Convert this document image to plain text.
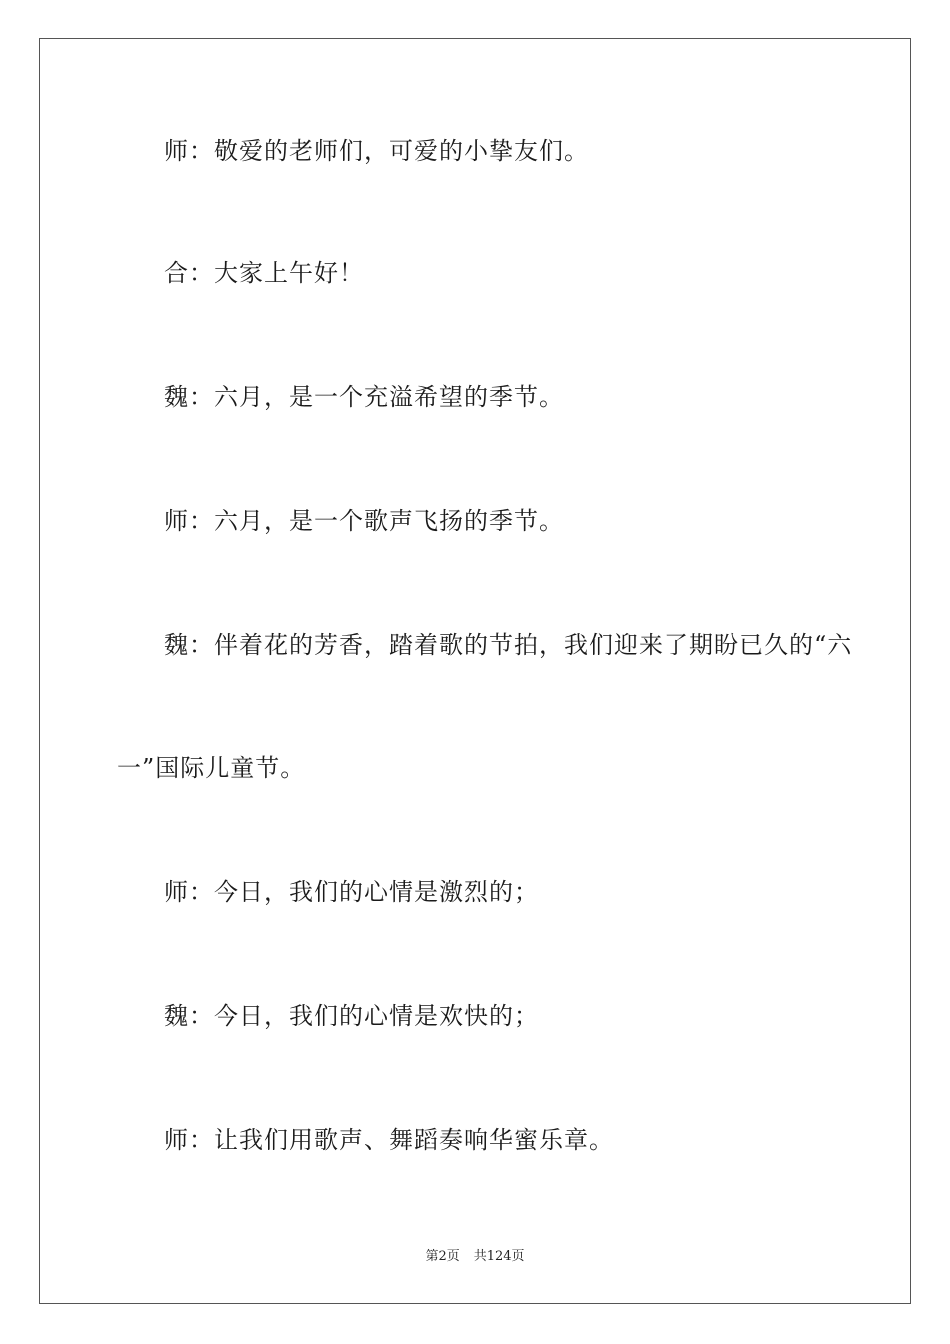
师：敬爱的老师们，可爱的小挚友们。
合：大家上午好！
魏：六月，是一个充溢希望的季节。
师：六月，是一个歌声飞扬的季节。
魏：伴着花的芳香，踏着歌的节拍，我们迎来了期盼已久的“六
一”国际儿童节。
师：今日，我们的心情是激烈的；
魏：今日，我们的心情是欢快的；
师：让我们用歌声、舞蹈奏响华蜜乐章。
第2页 共124页
